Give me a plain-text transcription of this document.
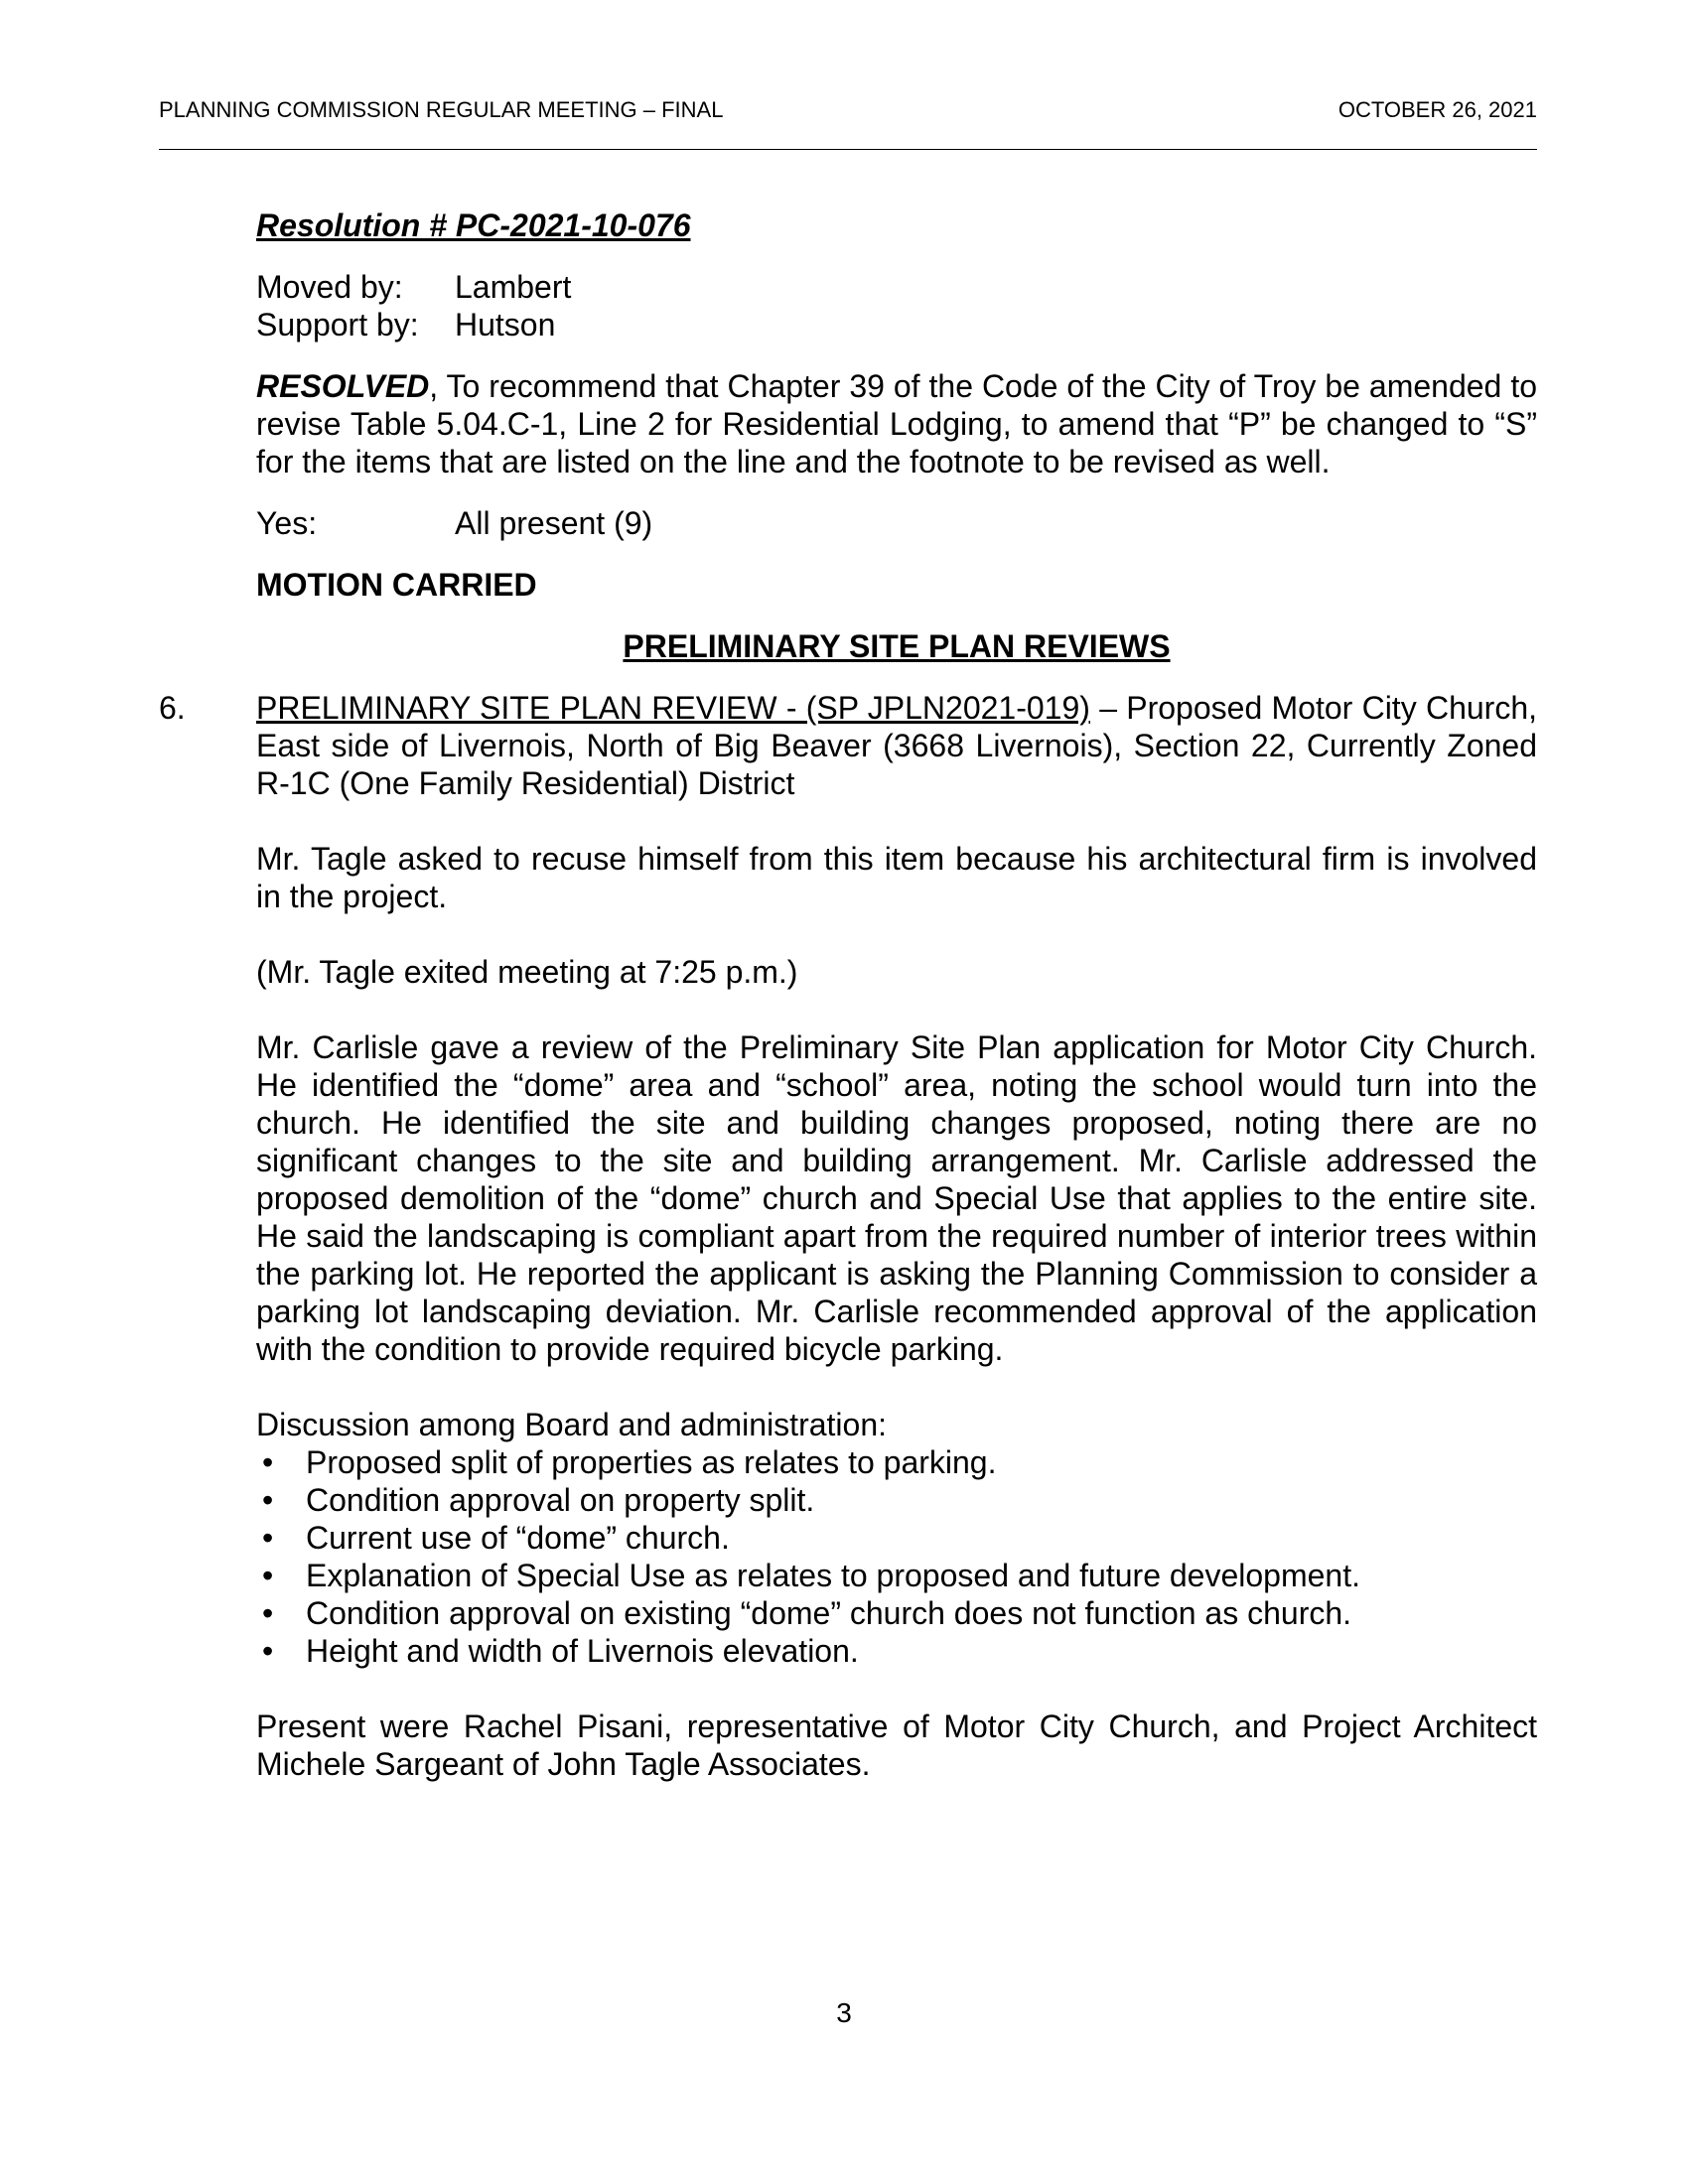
PLANNING COMMISSION REGULAR MEETING – FINAL	OCTOBER 26, 2021
Resolution # PC-2021-10-076
Moved by:	Lambert
Support by:	Hutson
RESOLVED, To recommend that Chapter 39 of the Code of the City of Troy be amended to revise Table 5.04.C-1, Line 2 for Residential Lodging, to amend that “P” be changed to “S” for the items that are listed on the line and the footnote to be revised as well.
Yes:	All present (9)
MOTION CARRIED
PRELIMINARY SITE PLAN REVIEWS
6. PRELIMINARY SITE PLAN REVIEW - (SP JPLN2021-019) – Proposed Motor City Church, East side of Livernois, North of Big Beaver (3668 Livernois), Section 22, Currently Zoned R-1C (One Family Residential) District
Mr. Tagle asked to recuse himself from this item because his architectural firm is involved in the project.
(Mr. Tagle exited meeting at 7:25 p.m.)
Mr. Carlisle gave a review of the Preliminary Site Plan application for Motor City Church. He identified the “dome” area and “school” area, noting the school would turn into the church. He identified the site and building changes proposed, noting there are no significant changes to the site and building arrangement. Mr. Carlisle addressed the proposed demolition of the “dome” church and Special Use that applies to the entire site. He said the landscaping is compliant apart from the required number of interior trees within the parking lot. He reported the applicant is asking the Planning Commission to consider a parking lot landscaping deviation. Mr. Carlisle recommended approval of the application with the condition to provide required bicycle parking.
Discussion among Board and administration:
• Proposed split of properties as relates to parking.
• Condition approval on property split.
• Current use of “dome” church.
• Explanation of Special Use as relates to proposed and future development.
• Condition approval on existing “dome” church does not function as church.
• Height and width of Livernois elevation.
Present were Rachel Pisani, representative of Motor City Church, and Project Architect Michele Sargeant of John Tagle Associates.
3
